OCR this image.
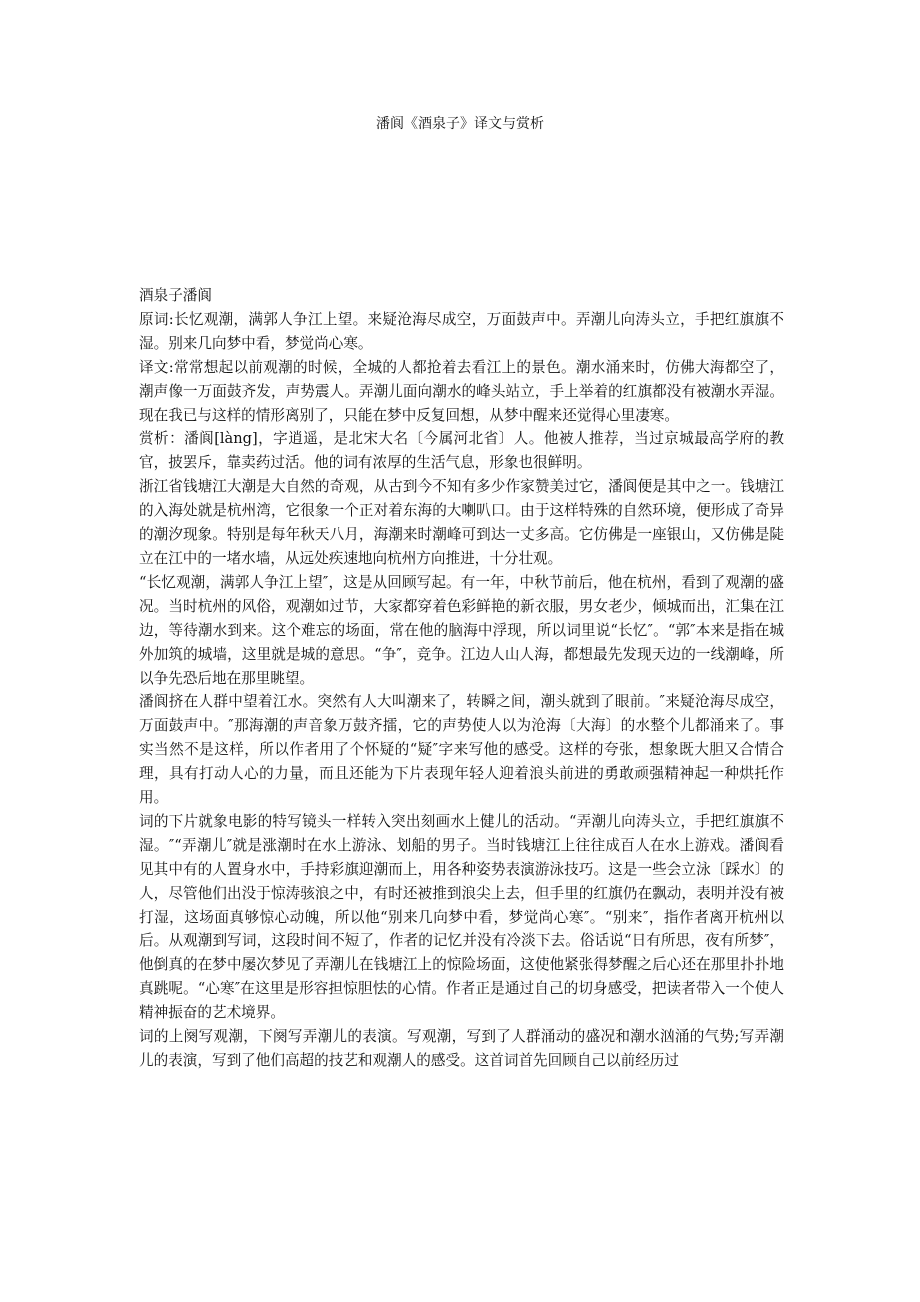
潘阆《酒泉子》译文与赏析

酒泉子潘阆

原词:长忆观潮，满郭人争江上望。来疑沧海尽成空，万面鼓声中。弄潮儿向涛头立，手把红旗旗不湿。别来几向梦中看，梦觉尚心寒。

译文:常常想起以前观潮的时候，全城的人都抢着去看江上的景色。潮水涌来时，仿佛大海都空了，潮声像一万面鼓齐发，声势震人。弄潮儿面向潮水的峰头站立，手上举着的红旗都没有被潮水弄湿。现在我已与这样的情形离别了，只能在梦中反复回想，从梦中醒来还觉得心里凄寒。

赏析：潘阆[làng]，字逍遥，是北宋大名〔今属河北省〕人。他被人推荐，当过京城最高学府的教官，披罢斥，靠卖药过活。他的词有浓厚的生活气息，形象也很鲜明。

浙江省钱塘江大潮是大自然的奇观，从古到今不知有多少作家赞美过它，潘阆便是其中之一。钱塘江的入海处就是杭州湾，它很象一个正对着东海的大喇叭口。由于这样特殊的自然环境，便形成了奇异的潮汐现象。特别是每年秋天八月，海潮来时潮峰可到达一丈多高。它仿佛是一座银山，又仿佛是陡立在江中的一堵水墙，从远处疾速地向杭州方向推进，十分壮观。

“长忆观潮，满郭人争江上望″，这是从回顾写起。有一年，中秋节前后，他在杭州，看到了观潮的盛况。当时杭州的风俗，观潮如过节，大家都穿着色彩鲜艳的新衣服，男女老少，倾城而出，汇集在江边，等待潮水到来。这个难忘的场面，常在他的脑海中浮现，所以词里说“长忆″。“郭″本来是指在城外加筑的城墙，这里就是城的意思。“争″，竞争。江边人山人海，都想最先发现天边的一线潮峰，所以争先恐后地在那里眺望。

潘阆挤在人群中望着江水。突然有人大叫潮来了，转瞬之间，潮头就到了眼前。″来疑沧海尽成空，万面鼓声中。″那海潮的声音象万鼓齐擂，它的声势使人以为沧海〔大海〕的水整个儿都涌来了。事实当然不是这样，所以作者用了个怀疑的“疑″字来写他的感受。这样的夸张，想象既大胆又合情合理，具有打动人心的力量，而且还能为下片表现年轻人迎着浪头前进的勇敢顽强精神起一种烘托作用。

词的下片就象电影的特写镜头一样转入突出刻画水上健儿的活动。“弄潮儿向涛头立，手把红旗旗不湿。″“弄潮儿″就是涨潮时在水上游泳、划船的男子。当时钱塘江上往往成百人在水上游戏。潘阆看见其中有的人置身水中，手持彩旗迎潮而上，用各种姿势表演游泳技巧。这是一些会立泳〔踩水〕的人，尽管他们出没于惊涛骇浪之中，有时还被推到浪尖上去，但手里的红旗仍在飘动，表明并没有被打湿，这场面真够惊心动魄，所以他“别来几向梦中看，梦觉尚心寒″。“别来″，指作者离开杭州以后。从观潮到写词，这段时间不短了，作者的记忆并没有冷淡下去。俗话说“日有所思，夜有所梦″，他倒真的在梦中屡次梦见了弄潮儿在钱塘江上的惊险场面，这使他紧张得梦醒之后心还在那里扑扑地真跳呢。“心寒″在这里是形容担惊胆怯的心情。作者正是通过自己的切身感受，把读者带入一个使人精神振奋的艺术境界。

词的上阕写观潮，下阕写弄潮儿的表演。写观潮，写到了人群涌动的盛况和潮水汹涌的气势;写弄潮儿的表演，写到了他们高超的技艺和观潮人的感受。这首词首先回顾自己以前经历过
